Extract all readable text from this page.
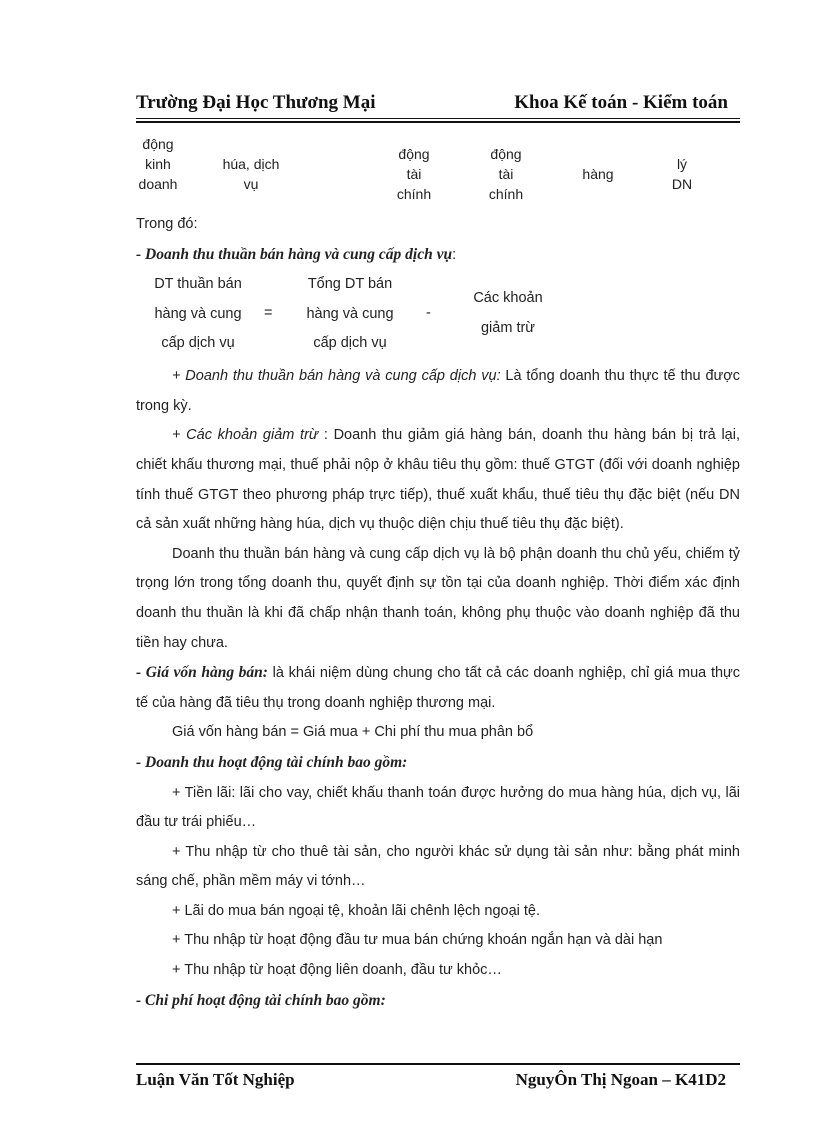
Trường Đại Học Thương Mại	Khoa Kế toán - Kiểm toán
động
kinh
doanh
húa, dịch
vụ
động
tài
chính
động
tài
chính
hàng
lý
DN

Trong đó:

- Doanh thu thuần bán hàng và cung cấp dịch vụ:

DT thuần bán
hàng và cung
cấp dịch vụ
=
Tổng DT bán
hàng và cung
cấp dịch vụ
-
Các khoản
giảm trừ

+ Doanh thu thuần bán hàng và cung cấp dịch vụ: Là tổng doanh thu thực tế thu được trong kỳ.

+ Các khoản giảm trừ : Doanh thu giảm giá hàng bán, doanh thu hàng bán bị trả lại, chiết khấu thương mại, thuế phải nộp ở khâu tiêu thụ gồm: thuế GTGT (đối với doanh nghiệp tính thuế GTGT theo phương pháp trực tiếp), thuế xuất khẩu, thuế tiêu thụ đặc biệt (nếu DN cả sản xuất những hàng húa, dịch vụ thuộc diện chịu thuế tiêu thụ đặc biệt).

Doanh thu thuần bán hàng và cung cấp dịch vụ là bộ phận doanh thu chủ yếu, chiếm tỷ trọng lớn trong tổng doanh thu, quyết định sự tồn tại của doanh nghiệp. Thời điểm xác định doanh thu thuần là khi đã chấp nhận thanh toán, không phụ thuộc vào doanh nghiệp đã thu tiền hay chưa.

- Giá vốn hàng bán: là khái niệm dùng chung cho tất cả các doanh nghiệp, chỉ giá mua thực tế của hàng đã tiêu thụ trong doanh nghiệp thương mại.

Giá vốn hàng bán = Giá mua + Chi phí thu mua phân bổ

- Doanh thu hoạt động tài chính bao gồm:

+ Tiền lãi: lãi cho vay, chiết khấu thanh toán được hưởng do mua hàng húa, dịch vụ, lãi đầu tư trái phiếu…

+ Thu nhập từ cho thuê tài sản, cho người khác sử dụng tài sản như: bằng phát minh sáng chế, phần mềm máy vi tớnh…

+ Lãi do mua bán ngoại tệ, khoản lãi chênh lệch ngoại tệ.

+ Thu nhập từ hoạt động đầu tư mua bán chứng khoán ngắn hạn và dài hạn

+ Thu nhập từ hoạt động liên doanh, đầu tư khỏc…

- Chi phí hoạt động tài chính bao gồm:

Luận Văn Tốt Nghiệp	NguyÔn Thị Ngoan – K41D2
